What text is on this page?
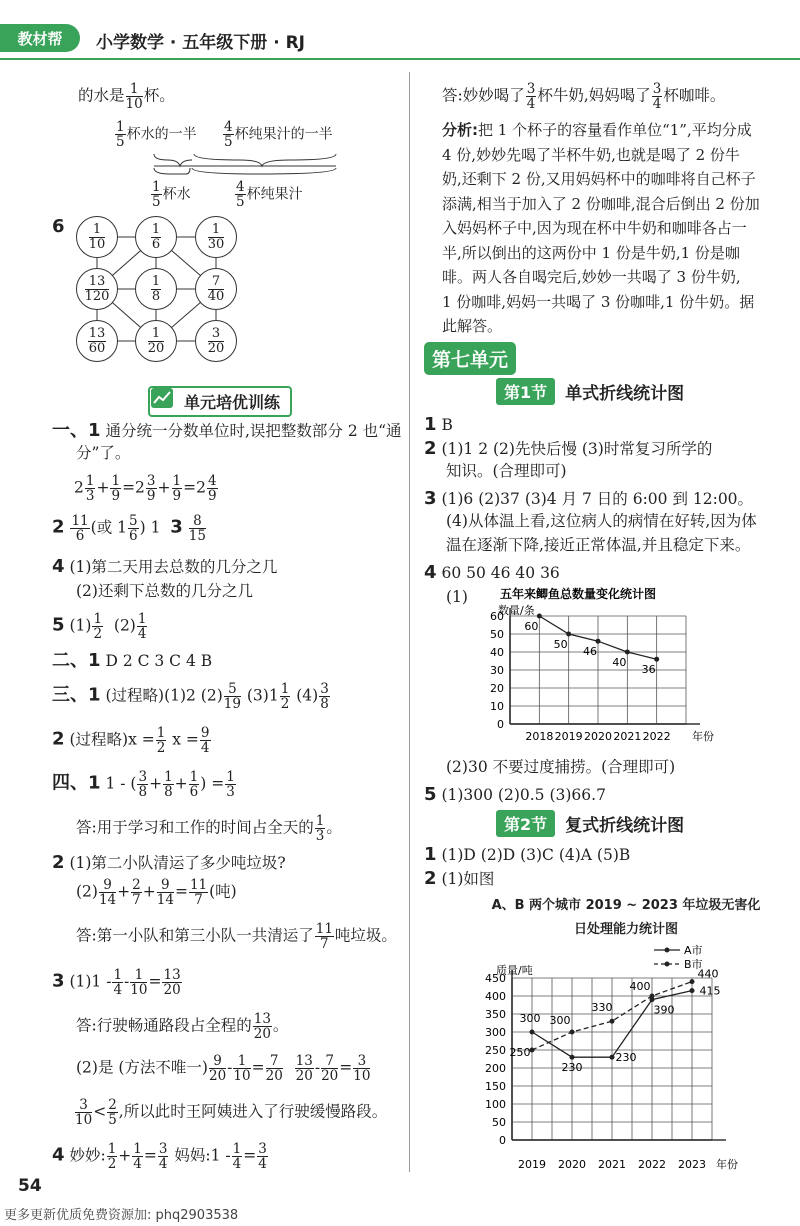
教材帮	小学数学 · 五年级下册 · RJ
的水是 $\frac{1}{10}$ 杯。
$\frac{1}{5}$ 杯水的一半 $\frac{4}{5}$ 杯纯果汁的一半
$\frac{1}{5}$ 杯水	$\frac{4}{5}$ 杯纯果汁
$6 \frac{1}{10}$	$\frac{1}{6}$	$\frac{1}{30}$
$\frac{13}{120}$	$\frac{1}{8}$	$\frac{7}{40}$
$\frac{13}{60}$	$\frac{1}{20}$	$\frac{3}{20}$
单元培优训练
一、1 通分统一分数单位时,误把整数部分 2 也“通
分”了。
$2 \frac{1}{3} + \frac{1}{9} =2 \frac{3}{9} + \frac{1}{9} =2 \frac{4}{9}$
$2 \frac{11}{6}$ (或 $1 \frac{5}{6}$ ) 1 $3 \frac{8}{15}$
4 (1)第二天用去总数的几分之几
(2)还剩下总数的几分之几
5 $(1) \frac{1}{2} (2) \frac{1}{4}$
二、1 D 2 C 3 C 4 B
三、1 (过程略)(1)2 $(2) \frac{5}{19} (3)1 \frac{1}{2} (4) \frac{3}{8}$
2 (过程略)$x = \frac{1}{2}$ $x = \frac{9}{4}$
四、1 1 - ( $\frac{3}{8} + \frac{1}{8} + \frac{1}{6}$ ) = $\frac{1}{3}$
答:用于学习和工作的时间占全天的 $\frac{1}{3}$ 。
2 (1)第二小队清运了多少吨垃圾?
$(2) \frac{9}{14} + \frac{2}{7} + \frac{9}{14} = \frac{11}{7}$ (吨)
答:第一小队和第三小队一共清运了 $\frac{11}{7}$ 吨垃圾。
3 $(1)1 - \frac{1}{4} - \frac{1}{10} = \frac{13}{20}$
答:行驶畅通路段占全程的 $\frac{13}{20}$ 。
(2)是 (方法不唯一) $\frac{9}{20} - \frac{1}{10} = \frac{7}{20}$
$\frac{13}{20} - \frac{7}{20} = \frac{3}{10}$
$\frac{3}{10} < \frac{2}{5}$ ,所以此时王阿姨进入了行驶缓慢路段。
4 妙妙: $\frac{1}{2} + \frac{1}{4} = \frac{3}{4}$ 妈妈:1 - $\frac{1}{4} = \frac{3}{4}$
答:妙妙喝了 $\frac{3}{4}$ 杯牛奶,妈妈喝了 $\frac{3}{4}$ 杯咖啡。
分析:把 1 个杯子的容量看作单位“1”,平均分成
4 份,妙妙先喝了半杯牛奶,也就是喝了 2 份牛
奶,还剩下 2 份,又用妈妈杯中的咖啡将自己杯子
添满,相当于加入了 2 份咖啡,混合后倒出 2 份加
入妈妈杯子中,因为现在杯中牛奶和咖啡各占一
半,所以倒出的这两份中 1 份是牛奶,1 份是咖
啡。两人各自喝完后,妙妙一共喝了 3 份牛奶,
1 份咖啡,妈妈一共喝了 3 份咖啡,1 份牛奶。据
此解答。
第七单元
第1节	单式折线统计图
1 B
2 (1)1 2 (2)先快后慢 (3)时常复习所学的
知识。(合理即可)
3 (1)6 (2)37 (3)4 月 7 日的 6:00 到 12:00。
(4)从体温上看,这位病人的病情在好转,因为体
温在逐渐下降,接近正常体温,并且稳定下来。
4 60 50 46 40 36
(1)	五年来鲫鱼总数量变化统计图
数量/条
10
20
30
40
50
60
0
60
2018
50
2019
46
2020
40
2021
36
2022 年份
(2)30 不要过度捕捞。(合理即可)
5 (1)300 (2)0.5 (3)66.7
第2节	复式折线统计图
1 (1)D (2)D (3)C (4)A (5)B
2 (1)如图
A、B 两个城市 2019 ~ 2023 年垃圾无害化
日处理能力统计图
质量/吨
A市
B市
50
100
150
200
250
300
350
400
450
0
2019 2020 2021 2022 2023 年份
300
230
230
390
415
250
300
330
400
440
54
更多更新优质免费资源加: phq2903538
